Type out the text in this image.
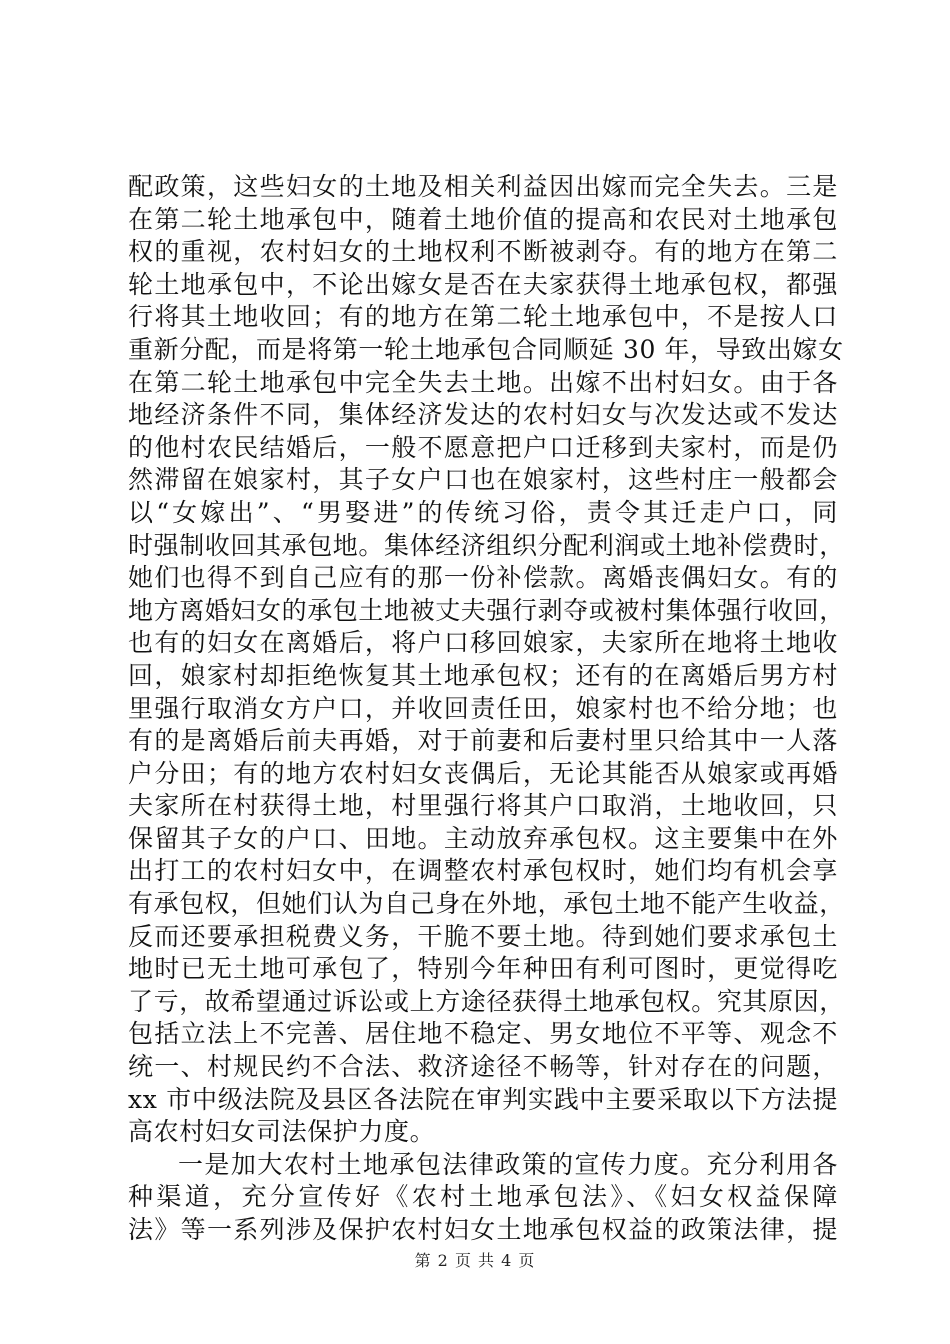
配政策，这些妇女的土地及相关利益因出嫁而完全失去。三是
在第二轮土地承包中，随着土地价值的提高和农民对土地承包
权的重视，农村妇女的土地权利不断被剥夺。有的地方在第二
轮土地承包中，不论出嫁女是否在夫家获得土地承包权，都强
行将其土地收回；有的地方在第二轮土地承包中，不是按人口
重新分配，而是将第一轮土地承包合同顺延 30 年，导致出嫁女
在第二轮土地承包中完全失去土地。出嫁不出村妇女。由于各
地经济条件不同，集体经济发达的农村妇女与次发达或不发达
的他村农民结婚后，一般不愿意把户口迁移到夫家村，而是仍
然滞留在娘家村，其子女户口也在娘家村，这些村庄一般都会
以“女嫁出”、“男娶进”的传统习俗，责令其迁走户口，同
时强制收回其承包地。集体经济组织分配利润或土地补偿费时，
她们也得不到自己应有的那一份补偿款。离婚丧偶妇女。有的
地方离婚妇女的承包土地被丈夫强行剥夺或被村集体强行收回，
也有的妇女在离婚后，将户口移回娘家，夫家所在地将土地收
回，娘家村却拒绝恢复其土地承包权；还有的在离婚后男方村
里强行取消女方户口，并收回责任田，娘家村也不给分地；也
有的是离婚后前夫再婚，对于前妻和后妻村里只给其中一人落
户分田；有的地方农村妇女丧偶后，无论其能否从娘家或再婚
夫家所在村获得土地，村里强行将其户口取消，土地收回，只
保留其子女的户口、田地。主动放弃承包权。这主要集中在外
出打工的农村妇女中，在调整农村承包权时，她们均有机会享
有承包权，但她们认为自己身在外地，承包土地不能产生收益，
反而还要承担税费义务，干脆不要土地。待到她们要求承包土
地时已无土地可承包了，特别今年种田有利可图时，更觉得吃
了亏，故希望通过诉讼或上方途径获得土地承包权。究其原因，
包括立法上不完善、居住地不稳定、男女地位不平等、观念不
统一、村规民约不合法、救济途径不畅等，针对存在的问题，
xx 市中级法院及县区各法院在审判实践中主要采取以下方法提
高农村妇女司法保护力度。
一是加大农村土地承包法律政策的宣传力度。充分利用各
种渠道，充分宣传好《农村土地承包法》、《妇女权益保障
法》等一系列涉及保护农村妇女土地承包权益的政策法律，提
第 2 页 共 4 页
